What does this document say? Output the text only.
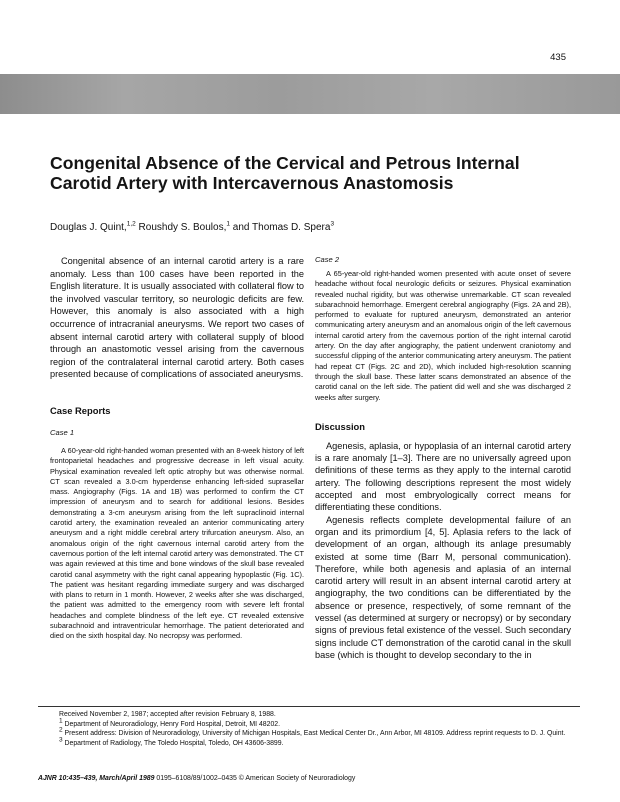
435
Congenital Absence of the Cervical and Petrous Internal Carotid Artery with Intercavernous Anastomosis
Douglas J. Quint,$^{1,2}$ Roushdy S. Boulos,$^1$ and Thomas D. Spera$^3$

Congenital absence of an internal carotid artery is a rare anomaly. Less than 100 cases have been reported in the English literature. It is usually associated with collateral flow to the involved vascular territory, so neurologic deficits are few. However, this anomaly is also associated with a high occurrence of intracranial aneurysms. We report two cases of absent internal carotid artery with collateral supply of blood through an anastomotic vessel arising from the cavernous region of the contralateral internal carotid artery. Both cases presented because of complications of associated aneurysms.

Case Reports

Case 1

A 60-year-old right-handed woman presented with an 8-week history of left frontoparietal headaches and progressive decrease in left visual acuity. Physical examination revealed left optic atrophy but was otherwise normal. CT scan revealed a 3.0-cm hyperdense enhancing left-sided suprasellar mass. Angiography (Figs. 1A and 1B) was performed to confirm the CT impression of aneurysm and to search for additional lesions. Besides demonstrating a 3-cm aneurysm arising from the left supraclinoid internal carotid artery, the examination revealed an anterior communicating artery aneurysm and a right middle cerebral artery trifurcation aneurysm. Also, an anomalous origin of the right cavernous internal carotid artery from the cavernous portion of the left internal carotid artery was demonstrated. The CT was again reviewed at this time and bone windows of the skull base revealed carotid canal asymmetry with the right canal appearing hypoplastic (Fig. 1C). The patient was hesitant regarding immediate surgery and was discharged with plans to return in 1 month. However, 2 weeks after she was discharged, the patient was admitted to the emergency room with severe left frontal headaches and complete blindness of the left eye. CT revealed extensive subarachnoid and intraventricular hemorrhage. The patient deteriorated and died on the sixth hospital day. No necropsy was performed.

Case 2

A 65-year-old right-handed women presented with acute onset of severe headache without focal neurologic deficits or seizures. Physical examination revealed nuchal rigidity, but was otherwise unremarkable. CT scan revealed subarachnoid hemorrhage. Emergent cerebral angiography (Figs. 2A and 2B), performed to evaluate for ruptured aneurysm, demonstrated an anterior communicating artery aneurysm and an anomalous origin of the left cavernous internal carotid artery from the cavernous portion of the right internal carotid artery. On the day after angiography, the patient underwent craniotomy and successful clipping of the anterior communicating artery aneurysm. The patient had repeat CT (Figs. 2C and 2D), which included high-resolution scanning through the skull base. These latter scans demonstrated an absence of the carotid canal on the left side. The patient did well and she was discharged 2 weeks after surgery.

Discussion

Agenesis, aplasia, or hypoplasia of an internal carotid artery is a rare anomaly [1–3]. There are no universally agreed upon definitions of these terms as they apply to the internal carotid artery. The following descriptions represent the most widely accepted and most embryologically correct means for differentiating these conditions.

Agenesis reflects complete developmental failure of an organ and its primordium [4, 5]. Aplasia refers to the lack of development of an organ, although its anlage presumably existed at some time (Barr M, personal communication). Therefore, while both agenesis and aplasia of an internal carotid artery will result in an absent internal carotid artery at angiography, the two conditions can be differentiated by the absence or presence, respectively, of some remnant of the vessel (as determined at surgery or necropsy) or by secondary signs of previous fetal existence of the vessel. Such secondary signs include CT demonstration of the carotid canal in the skull base (which is thought to develop secondary to the in

Received November 2, 1987; accepted after revision February 8, 1988.

$^1$ Department of Neuroradiology, Henry Ford Hospital, Detroit, MI 48202.

$^2$ Present address: Division of Neuroradiology, University of Michigan Hospitals, East Medical Center Dr., Ann Arbor, MI 48109. Address reprint requests to D. J. Quint.

$^3$ Department of Radiology, The Toledo Hospital, Toledo, OH 43606-3899.

AJNR 10:435–439, March/April 1989 0195–6108/89/1002–0435 © American Society of Neuroradiology
